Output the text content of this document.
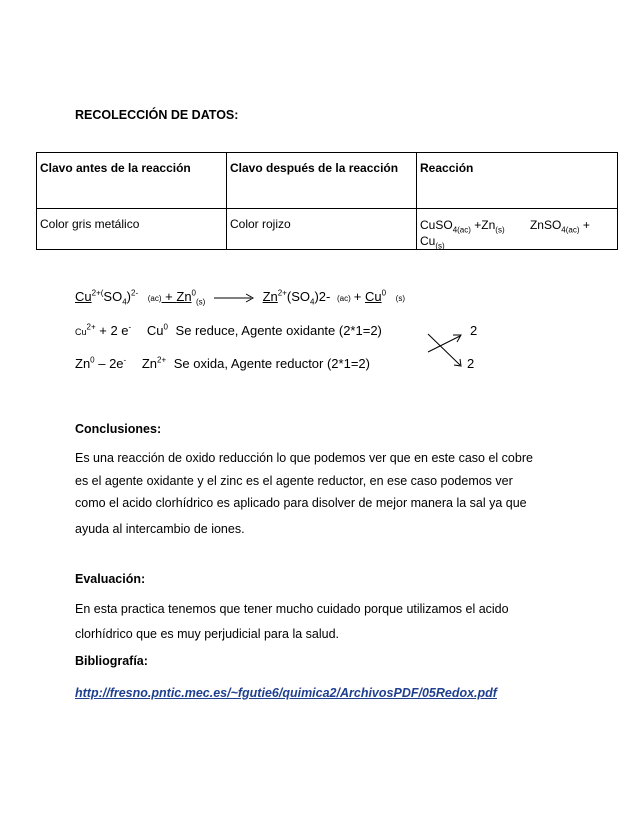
RECOLECCIÓN DE DATOS:
Clavo antes de la reacción	Clavo después de la reacción	Reacción
Color gris metálico	Color rojizo	CuSO$_{4(ac)}$ $+Zn_{(s)}$ ZnSO$_{4(ac)}$ +
$Cu_{(s)}$
$Cu^{2+(}SO_4)^{2-}$ $(ac) + Zn^0_{(s)} \to Zn^{2+}(SO_4)2-$ $(ac) + Cu^0$ (s)
$Cu^{2+} + 2$ e- Cu$^0$ Se reduce, Agente oxidante (2*1=2)	2
Zn$^0$ – 2e- $Zn^{2+}$ Se oxida, Agente reductor (2*1=2)	2
Conclusiones:
Es una reacción de oxido reducción lo que podemos ver que en este caso el cobre
es el agente oxidante y el zinc es el agente reductor, en ese caso podemos ver
como el acido clorhídrico es aplicado para disolver de mejor manera la sal ya que
ayuda al intercambio de iones.
Evaluación:
En esta practica tenemos que tener mucho cuidado porque utilizamos el acido
clorhídrico que es muy perjudicial para la salud.
Bibliografía:
http://fresno.pntic.mec.es/~fgutie6/quimica2/ArchivosPDF/05Redox.pdf
